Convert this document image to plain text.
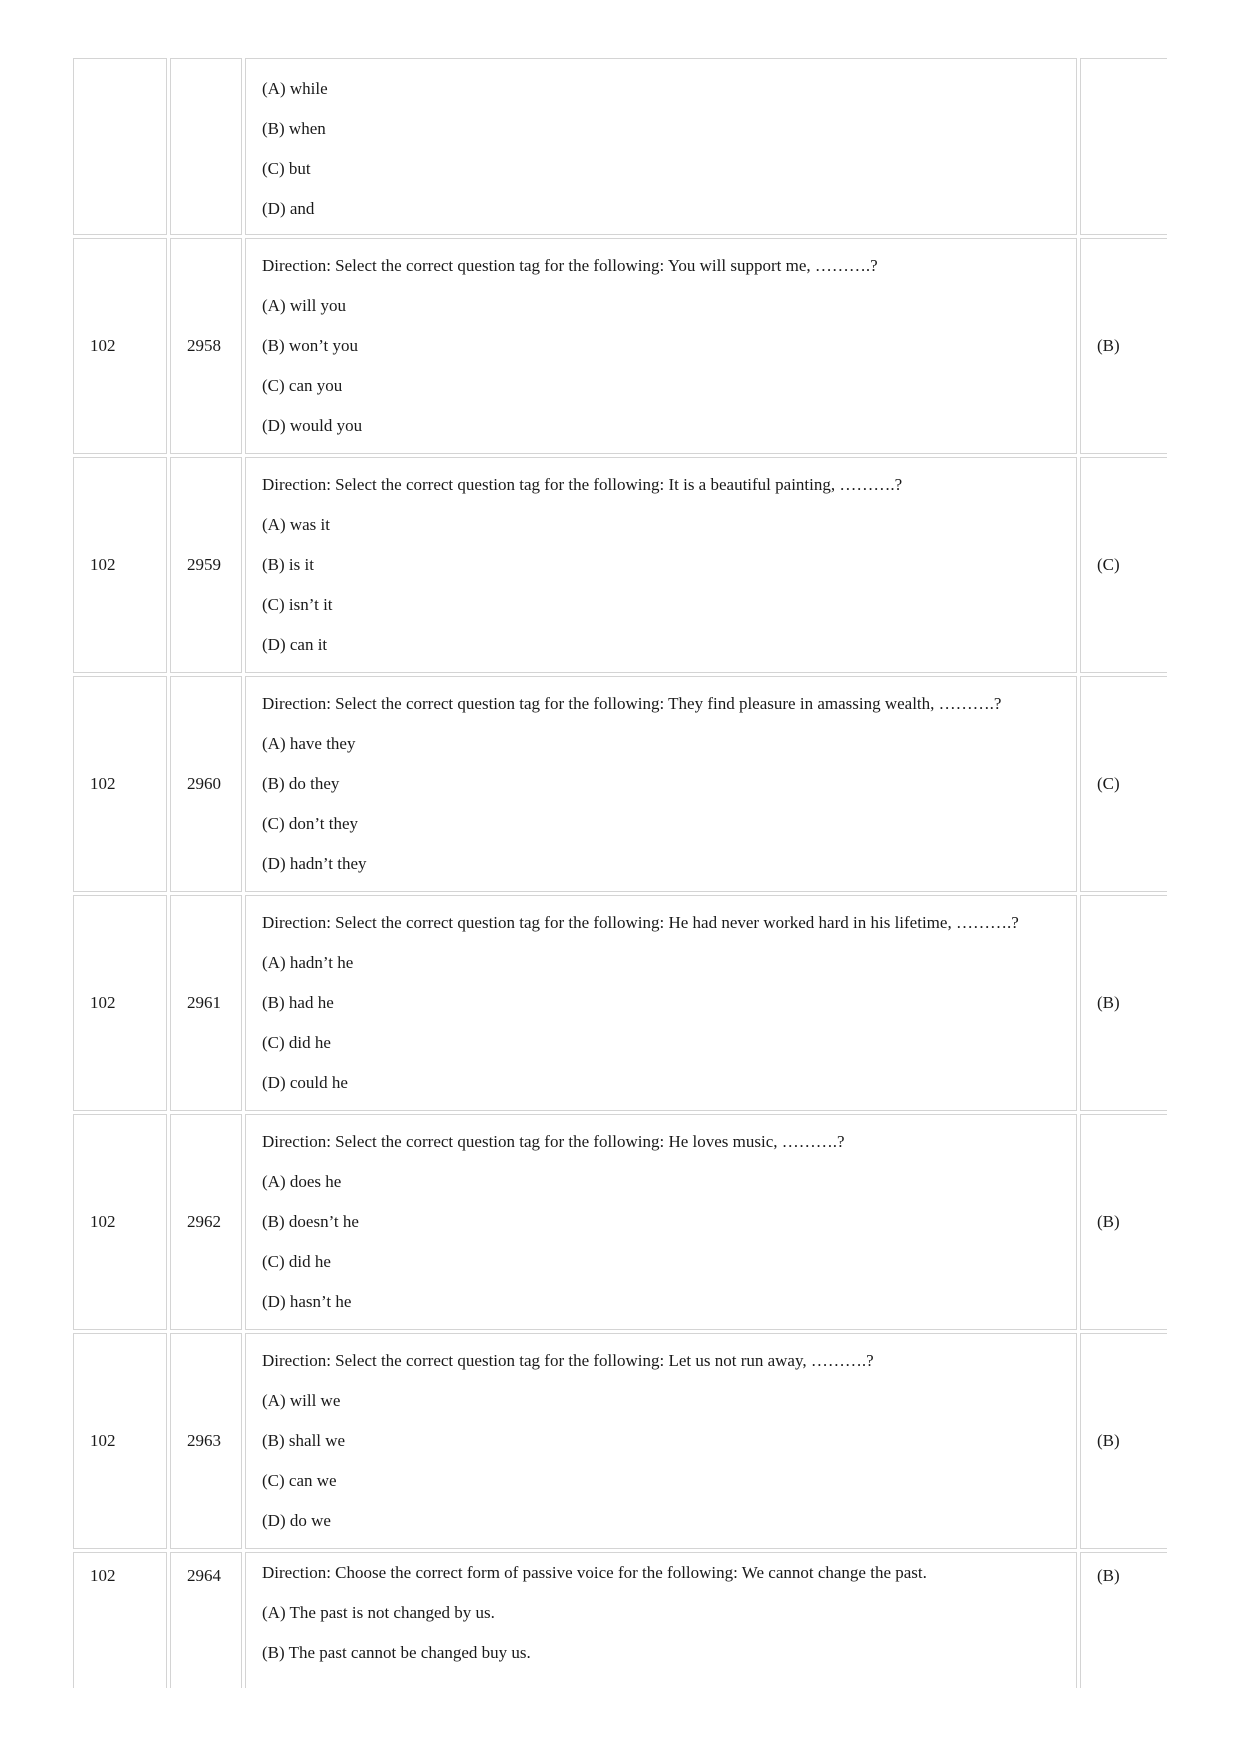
		(A) while
(B) when
(C) but
(D) and	

102	2958	Direction: Select the correct question tag for the following: You will support me, ……….?
(A) will you
(B) won’t you
(C) can you
(D) would you	(B)
102	2959	Direction: Select the correct question tag for the following: It is a beautiful painting, ……….?
(A) was it
(B) is it
(C) isn’t it
(D) can it	(C)
102	2960	Direction: Select the correct question tag for the following: They find pleasure in amassing wealth, ……….?
(A) have they
(B) do they
(C) don’t they
(D) hadn’t they	(C)
102	2961	Direction: Select the correct question tag for the following: He had never worked hard in his lifetime, ……….?
(A) hadn’t he
(B) had he
(C) did he
(D) could he	(B)
102	2962	Direction: Select the correct question tag for the following: He loves music, ……….?
(A) does he
(B) doesn’t he
(C) did he
(D) hasn’t he	(B)
102	2963	Direction: Select the correct question tag for the following: Let us not run away, ……….?
(A) will we
(B) shall we
(C) can we
(D) do we	(B)
102	2964	Direction: Choose the correct form of passive voice for the following: We cannot change the past.
(A) The past is not changed by us.
(B) The past cannot be changed buy us.	(B)
